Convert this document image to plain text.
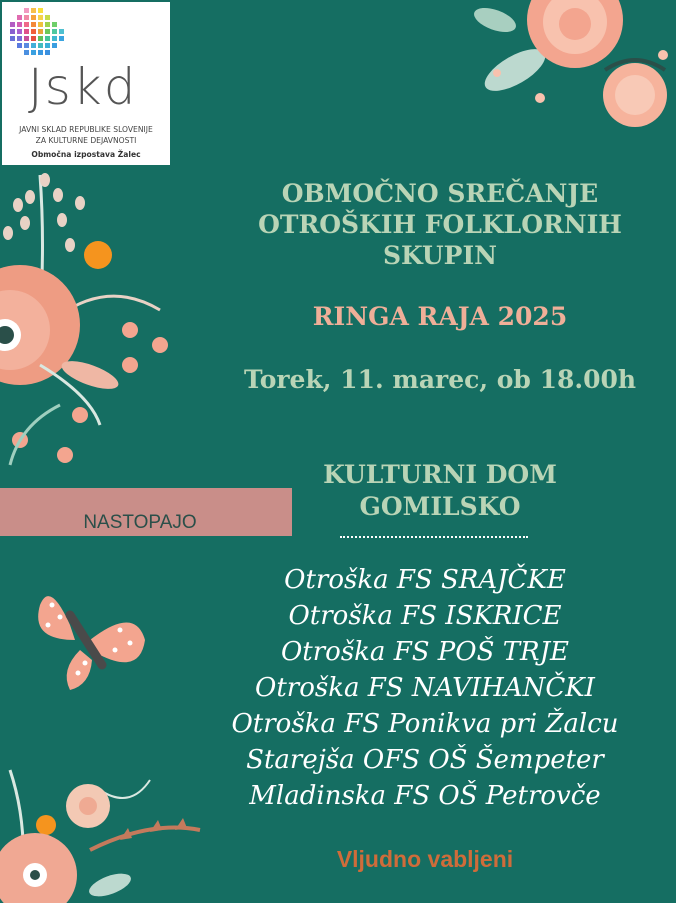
Jskd
JAVNI SKLAD REPUBLIKE SLOVENIJE
ZA KULTURNE DEJAVNOSTI
Območna izpostava Žalec
OBMOČNO SREČANJE
OTROŠKIH FOLKLORNIH
SKUPIN
RINGA RAJA 2025
Torek, 11. marec, ob 18.00h
KULTURNI DOM
GOMILSKO
NASTOPAJO
Otroška FS SRAJČKE
Otroška FS ISKRICE
Otroška FS POŠ TRJE
Otroška FS NAVIHANČKI
Otroška FS Ponikva pri Žalcu
Starejša OFS OŠ Šempeter
Mladinska FS OŠ Petrovče
Vljudno vabljeni
